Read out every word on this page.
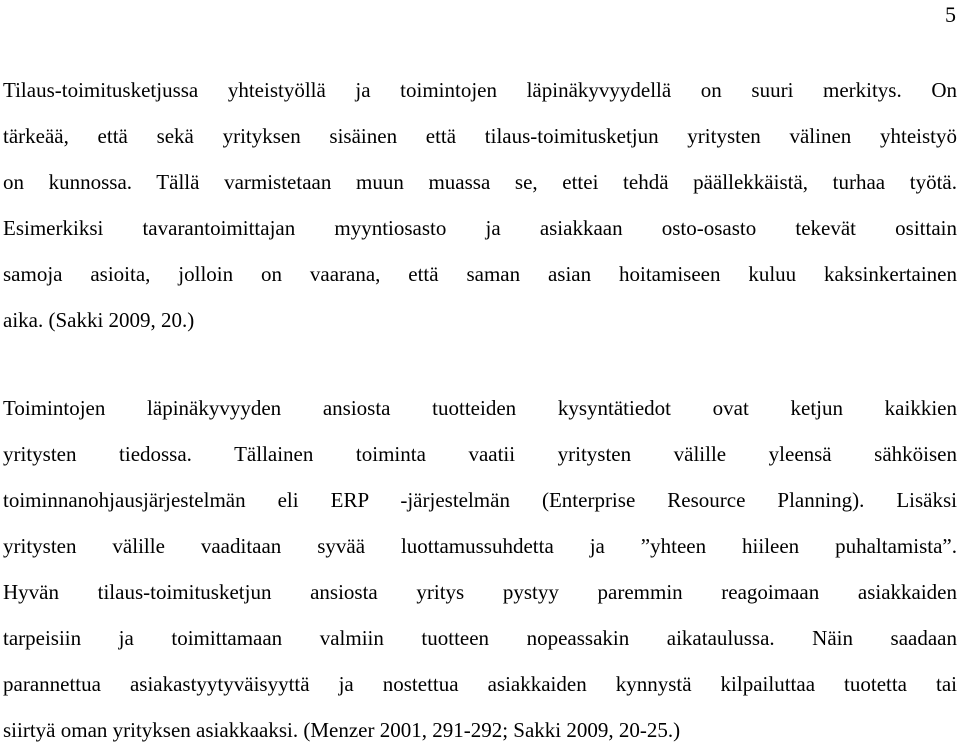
5
Tilaus-toimitusketjussa yhteistyöllä ja toimintojen läpinäkyvyydellä on suuri merkitys. On
tärkeää, että sekä yrityksen sisäinen että tilaus-toimitusketjun yritysten välinen yhteistyö
on kunnossa. Tällä varmistetaan muun muassa se, ettei tehdä päällekkäistä, turhaa työtä.
Esimerkiksi tavarantoimittajan myyntiosasto ja asiakkaan osto-osasto tekevät osittain
samoja asioita, jolloin on vaarana, että saman asian hoitamiseen kuluu kaksinkertainen
aika. (Sakki 2009, 20.)
Toimintojen läpinäkyvyyden ansiosta tuotteiden kysyntätiedot ovat ketjun kaikkien
yritysten tiedossa. Tällainen toiminta vaatii yritysten välille yleensä sähköisen
toiminnanohjausjärjestelmän eli ERP -järjestelmän (Enterprise Resource Planning). Lisäksi
yritysten välille vaaditaan syvää luottamussuhdetta ja ”yhteen hiileen puhaltamista”.
Hyvän tilaus-toimitusketjun ansiosta yritys pystyy paremmin reagoimaan asiakkaiden
tarpeisiin ja toimittamaan valmiin tuotteen nopeassakin aikataulussa. Näin saadaan
parannettua asiakastyytyväisyyttä ja nostettua asiakkaiden kynnystä kilpailuttaa tuotetta tai
siirtyä oman yrityksen asiakkaaksi. (Menzer 2001, 291-292; Sakki 2009, 20-25.)
